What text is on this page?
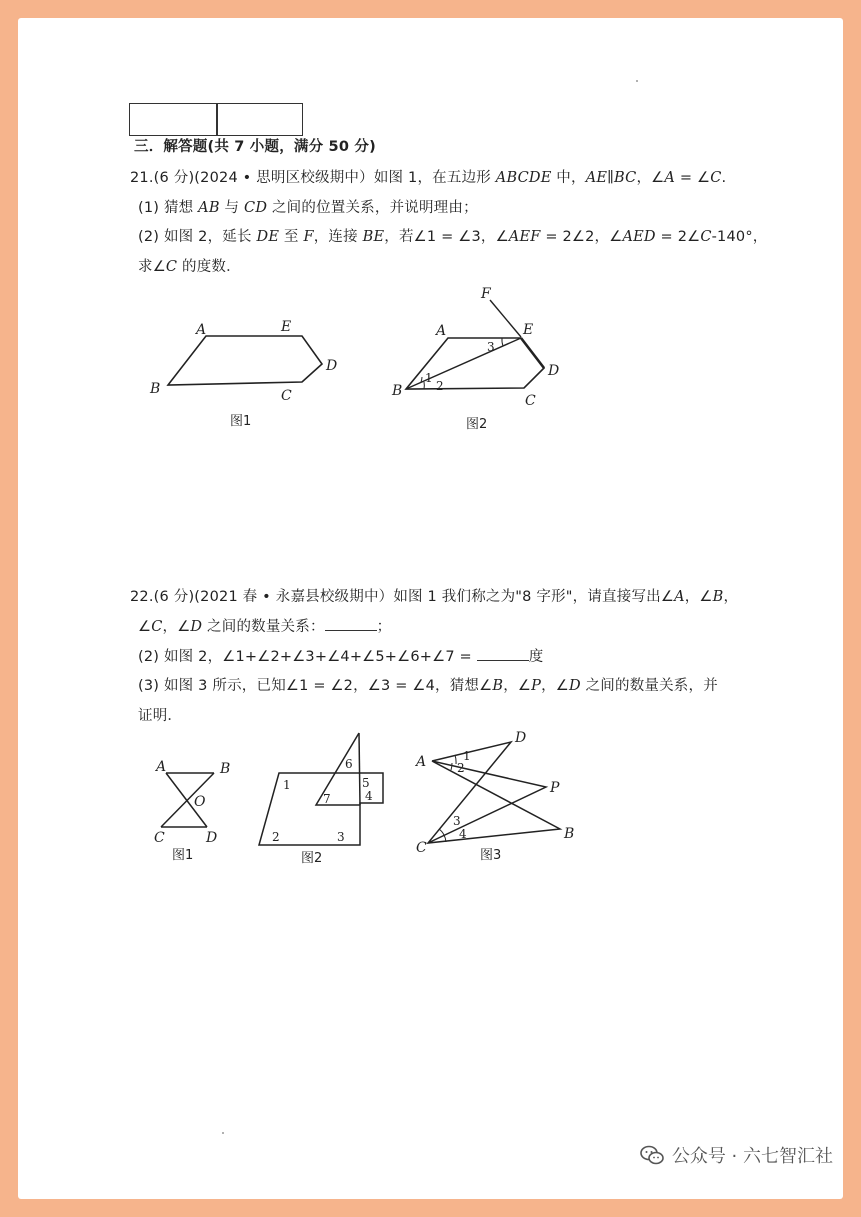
三．解答题(共 7 小题，满分 50 分)
21.(6 分)(2024 • 思明区校级期中）如图 1，在五边形 ABCDE 中，AE∥BC，∠A = ∠C.
(1) 猜想 AB 与 CD 之间的位置关系，并说明理由；
(2) 如图 2，延长 DE 至 F，连接 BE，若∠1 = ∠3，∠AEF = 2∠2，∠AED = 2∠C-140°，
求∠C 的度数．
A	E
D
B	C
图1
F
A	E
3
D
1
2
B
C
图2
22.(6 分)(2021 春 • 永嘉县校级期中）如图 1 我们称之为"8 字形"，请直接写出∠A，∠B，
∠C，∠D 之间的数量关系：	；
(2) 如图 2，∠1+∠2+∠3+∠4+∠5+∠6+∠7 =	度
(3) 如图 3 所示，已知∠1 = ∠2，∠3 = ∠4，猜想∠B，∠P，∠D 之间的数量关系，并
证明．
A	B
O
C	D
图1
6
1	5
7	4
2	3
图2
D
A	1
2
P
3
4
C
B
图3
公众号 · 六七智汇社
